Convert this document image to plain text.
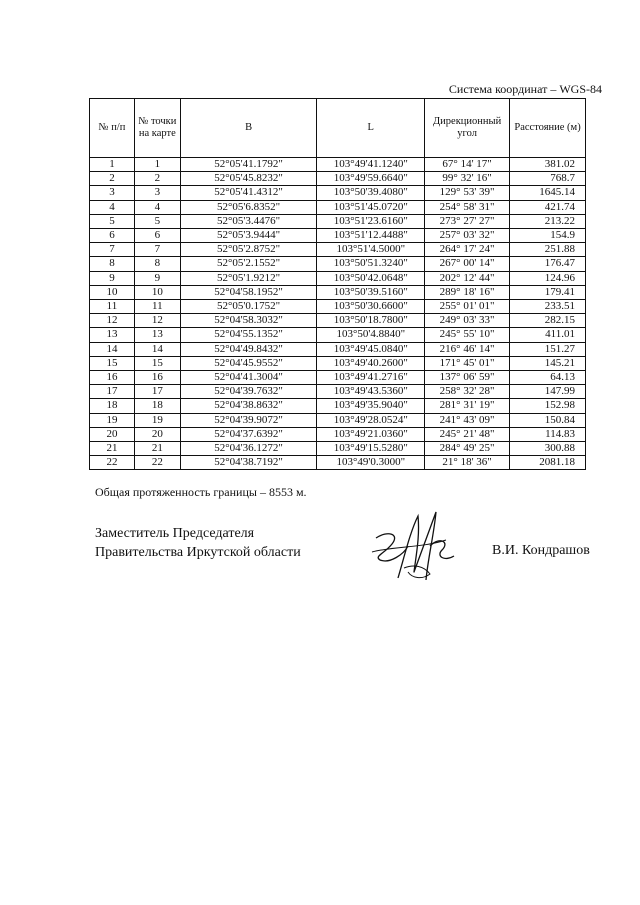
Система координат – WGS-84
№ п/п	№ точки на карте	B	L	Дирекционный угол	Расстояние (м)
1	1	52°05'41.1792"	103°49'41.1240"	67° 14' 17"	381.02
2	2	52°05'45.8232"	103°49'59.6640"	99° 32' 16"	768.7
3	3	52°05'41.4312"	103°50'39.4080"	129° 53' 39"	1645.14
4	4	52°05'6.8352"	103°51'45.0720"	254° 58' 31"	421.74
5	5	52°05'3.4476"	103°51'23.6160"	273° 27' 27"	213.22
6	6	52°05'3.9444"	103°51'12.4488"	257° 03' 32"	154.9
7	7	52°05'2.8752"	103°51'4.5000"	264° 17' 24"	251.88
8	8	52°05'2.1552"	103°50'51.3240"	267° 00' 14"	176.47
9	9	52°05'1.9212"	103°50'42.0648"	202° 12' 44"	124.96
10	10	52°04'58.1952"	103°50'39.5160"	289° 18' 16"	179.41
11	11	52°05'0.1752"	103°50'30.6600"	255° 01' 01"	233.51
12	12	52°04'58.3032"	103°50'18.7800"	249° 03' 33"	282.15
13	13	52°04'55.1352"	103°50'4.8840"	245° 55' 10"	411.01
14	14	52°04'49.8432"	103°49'45.0840"	216° 46' 14"	151.27
15	15	52°04'45.9552"	103°49'40.2600"	171° 45' 01"	145.21
16	16	52°04'41.3004"	103°49'41.2716"	137° 06' 59"	64.13
17	17	52°04'39.7632"	103°49'43.5360"	258° 32' 28"	147.99
18	18	52°04'38.8632"	103°49'35.9040"	281° 31' 19"	152.98
19	19	52°04'39.9072"	103°49'28.0524"	241° 43' 09"	150.84
20	20	52°04'37.6392"	103°49'21.0360"	245° 21' 48"	114.83
21	21	52°04'36.1272"	103°49'15.5280"	284° 49' 25"	300.88
22	22	52°04'38.7192"	103°49'0.3000"	21° 18' 36"	2081.18
Общая протяженность границы – 8553 м.
Заместитель Председателя
Правительства Иркутской области	В.И. Кондрашов
